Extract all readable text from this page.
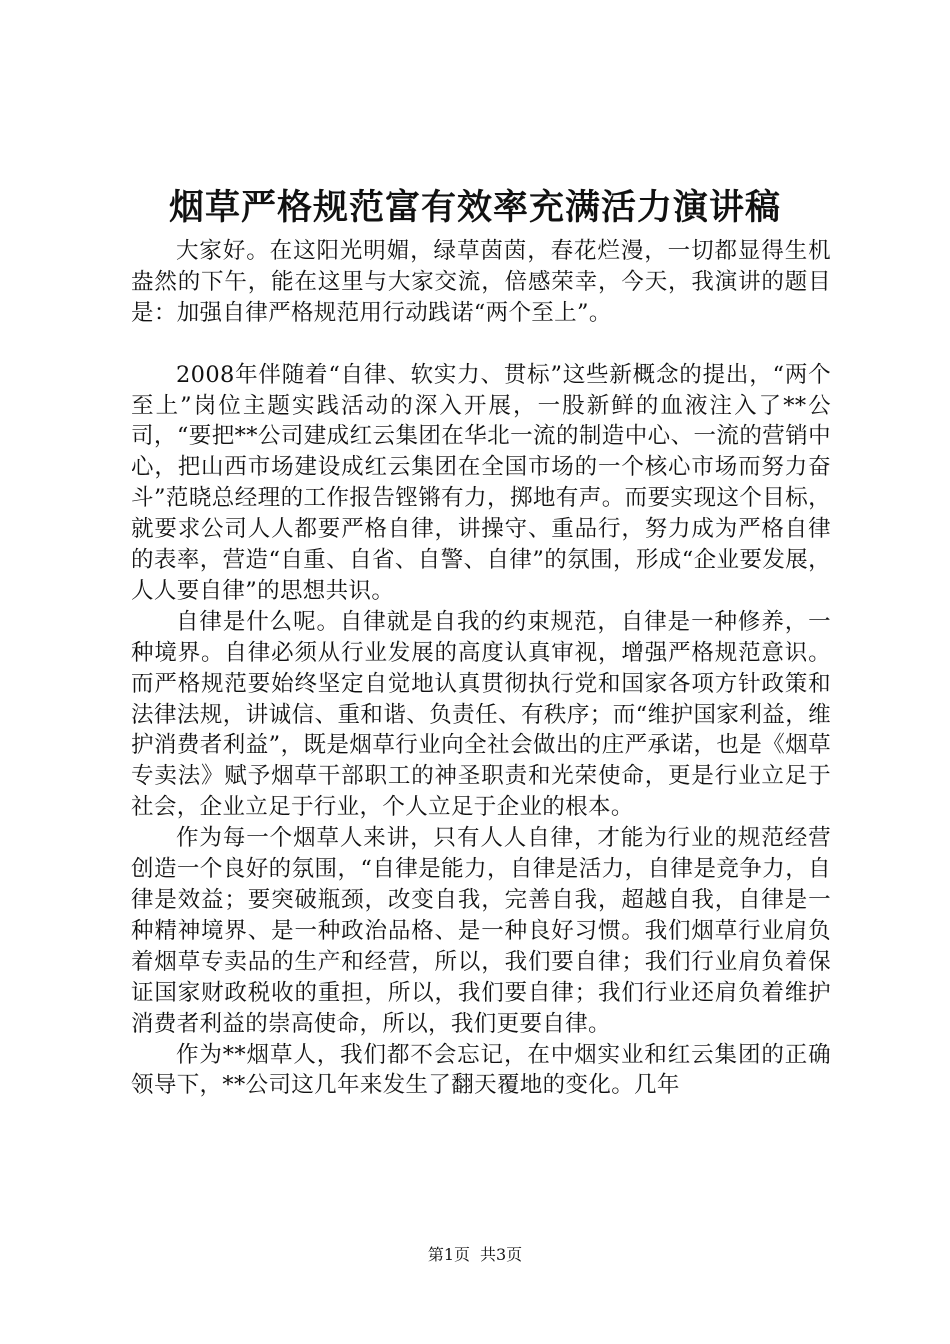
烟草严格规范富有效率充满活力演讲稿

大家好。在这阳光明媚，绿草茵茵，春花烂漫，一切都显得生机盎然的下午，能在这里与大家交流，倍感荣幸，今天，我演讲的题目是：加强自律严格规范用行动践诺“两个至上”。

2008年伴随着“自律、软实力、贯标”这些新概念的提出，“两个至上”岗位主题实践活动的深入开展，一股新鲜的血液注入了**公司，“要把**公司建成红云集团在华北一流的制造中心、一流的营销中心，把山西市场建设成红云集团在全国市场的一个核心市场而努力奋斗”范晓总经理的工作报告铿锵有力，掷地有声。而要实现这个目标，就要求公司人人都要严格自律，讲操守、重品行，努力成为严格自律的表率，营造“自重、自省、自警、自律”的氛围，形成“企业要发展，人人要自律”的思想共识。

自律是什么呢。自律就是自我的约束规范，自律是一种修养，一种境界。自律必须从行业发展的高度认真审视，增强严格规范意识。而严格规范要始终坚定自觉地认真贯彻执行党和国家各项方针政策和法律法规，讲诚信、重和谐、负责任、有秩序；而“维护国家利益，维护消费者利益”，既是烟草行业向全社会做出的庄严承诺，也是《烟草专卖法》赋予烟草干部职工的神圣职责和光荣使命，更是行业立足于社会，企业立足于行业，个人立足于企业的根本。

作为每一个烟草人来讲，只有人人自律，才能为行业的规范经营创造一个良好的氛围，“自律是能力，自律是活力，自律是竞争力，自律是效益；要突破瓶颈，改变自我，完善自我，超越自我，自律是一种精神境界、是一种政治品格、是一种良好习惯。我们烟草行业肩负着烟草专卖品的生产和经营，所以，我们要自律；我们行业肩负着保证国家财政税收的重担，所以，我们要自律；我们行业还肩负着维护消费者利益的崇高使命，所以，我们更要自律。

作为**烟草人，我们都不会忘记，在中烟实业和红云集团的正确领导下，**公司这几年来发生了翻天覆地的变化。几年

第1页 共3页
